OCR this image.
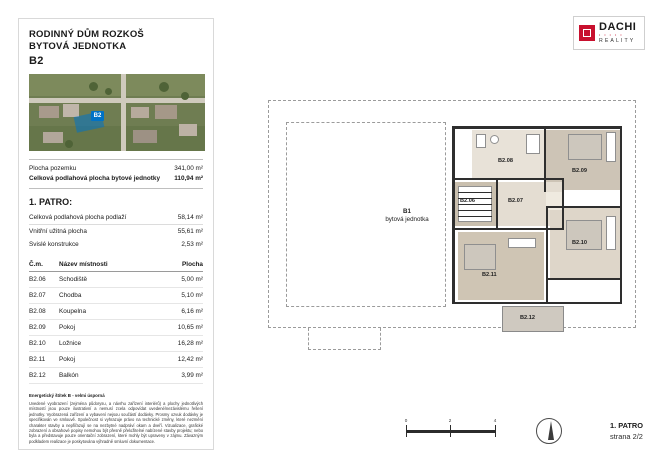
RODINNÝ DŮM ROZKOŠ
BYTOVÁ JEDNOTKA
B2
B2
Plocha pozemku	341,00 m²
Celková podlahová plocha bytové jednotky	110,94 m²
1. PATRO:
Celková podlahová plocha podlaží	58,14 m²
Vnitřní užitná plocha	55,61 m²
Svislé konstrukce	2,53 m²
Č.m.	Název místnosti	Plocha
B2.06	Schodiště	5,00 m²
B2.07	Chodba	5,10 m²
B2.08	Koupelna	6,16 m²
B2.09	Pokoj	10,65 m²
B2.10	Ložnice	16,28 m²
B2.11	Pokoj	12,42 m²
B2.12	Balkón	3,99 m²
Energetický štítek B - velmi úsporná
Uvedené vyobrazení (zejména půdorysu, a návrhu zařízení interiérů) a plochy jednotlivých místností jsou pouze ilustrativní a nemusí zcela odpovídat uvedené/nezávislému řešení jednotky. Vyobrazená zařízení a vybavení nejsou součástí dodávky. Prosmy ozvuk dodávky je specifikován ve smlouvě. Společnost si vyhrazuje právo na technické změny, které nezmění charakter stavby a nepřiřazují se na nezbytné nadpráví okam a dveří. Vizualizace, grafické zobrazení a obsahové popisy nemohou být přesně přeložitelné nabízené stavby projektu; nebo byla a představuje pouze orientační zobrazení, které mohly být upraveny v zájmu. Závazným podkladem realizace je poskytována výhradně smluvní dokumentace.
DACHI
• • • • •
REALITY
B1
bytová jednotka
B2.08
B2.09
B2.06	B2.07
B2.10
B2.11
B2.12
0	2	4
1. PATRO
strana 2/2
